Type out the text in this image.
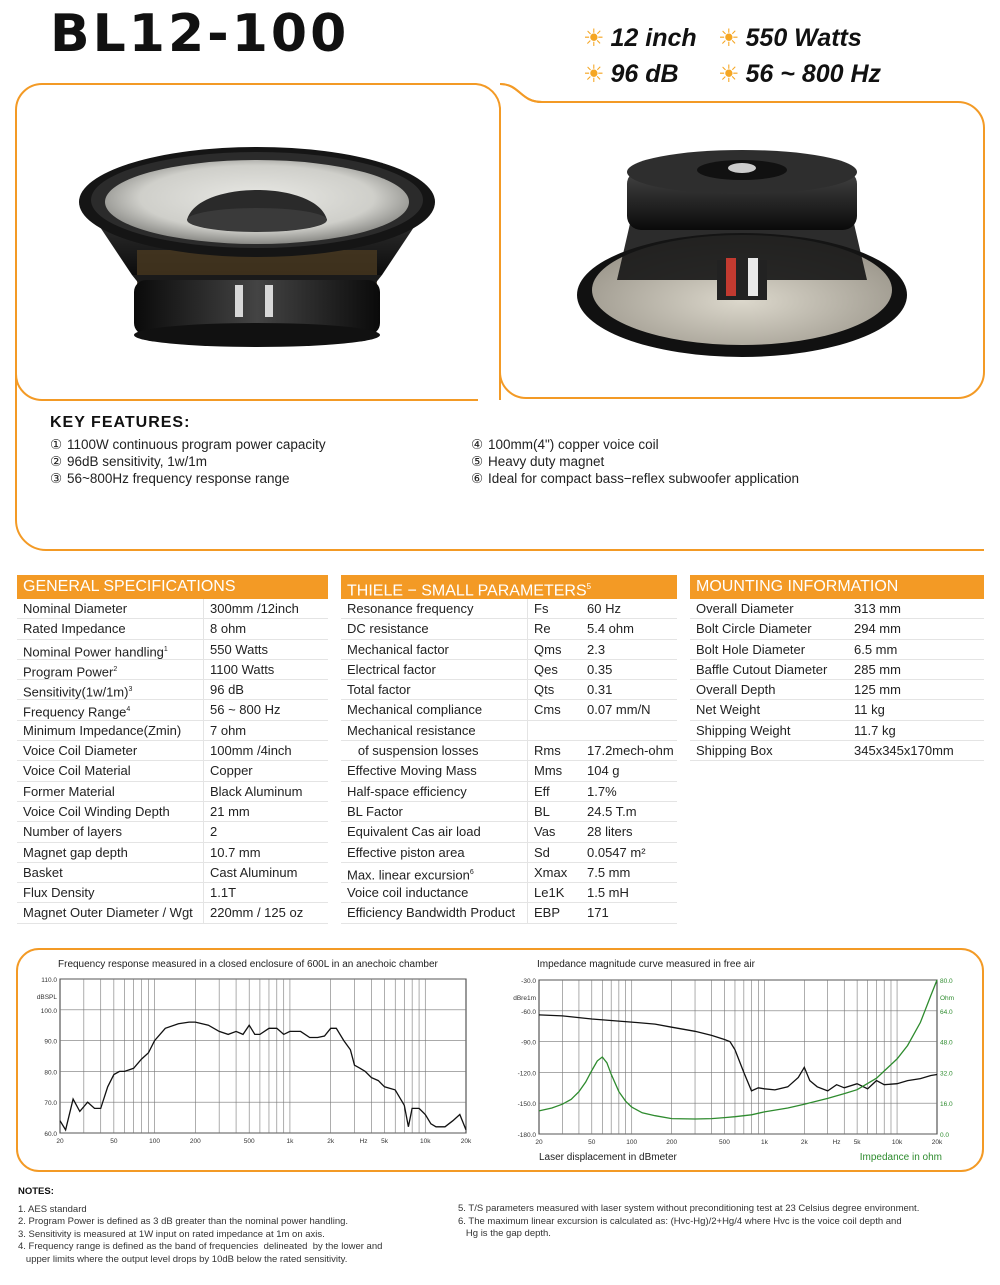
BL12-100	☀ 12 inch ☀ 550 Watts
☀ 96 dB ☀ 56 ~ 800 Hz
KEY FEATURES:
① 1100W continuous program power capacity
② 96dB sensitivity, 1w/1m
③ 56~800Hz frequency response range
④ 100mm(4") copper voice coil
⑤ Heavy duty magnet
⑥ Ideal for compact bass−reflex subwoofer application
GENERAL SPECIFICATIONS
Nominal Diameter	300mm /12inch
Rated Impedance	8 ohm
Nominal Power handling$^1$	550 Watts
Program Power$^2$	1100 Watts
$Sensitivity(1w/1m)^3$	96 dB
Frequency Range$^4$	56 ~ 800 Hz
Minimum Impedance(Zmin)	7 ohm
Voice Coil Diameter	100mm /4inch
Voice Coil Material	Copper
Former Material	Black Aluminum
Voice Coil Winding Depth	21 mm
Number of layers	2
Magnet gap depth	10.7 mm
Basket	Cast Aluminum
Flux Density	1.1T
Magnet Outer Diameter / Wgt	220mm / 125 oz
THIELE − SMALL PARAMETERS$^5$
Resonance frequency	Fs	60 Hz
DC resistance	Re	5.4 ohm
Mechanical factor	Qms	2.3
Electrical factor	Qes	0.35
Total factor	Qts	0.31
Mechanical compliance	Cms	0.07 mm/N
Mechanical resistance
of suspension losses	Rms	17.2mech-ohm
Effective Moving Mass	Mms	104 g
Half-space efficiency	Eff	1.7%
BL Factor	BL	24.5 T.m
Equivalent Cas air load	Vas	28 liters
Effective piston area	Sd	0.0547 m²
Max. linear excursion$^6$	Xmax	7.5 mm
Voice coil inductance	Le1K	1.5 mH
Efficiency Bandwidth Product	EBP	171
MOUNTING INFORMATION
Overall Diameter	313 mm
Bolt Circle Diameter	294 mm
Bolt Hole Diameter	6.5 mm
Baffle Cutout Diameter	285 mm
Overall Depth	125 mm
Net Weight	11 kg
Shipping Weight	11.7 kg
Shipping Box	345x345x170mm
Frequency response measured in a closed enclosure of 600L in an anechoic chamber
60.0
70.0
80.0
90.0
100.0
110.0
dBSPL
20	50	100	200	500	1k	2k	Hz 5k	10k	20k
Impedance magnitude curve measured in free air
-180.0
-150.0
-120.0
-90.0
-60.0
-30.0
0.0
16.0
32.0
48.0
64.0
80.0
Ohm
dBre1m
20	50	100	200	500	1k	2k	Hz 5k	10k	20k
Laser displacement in dBmeter	Impedance in ohm
NOTES:
1. AES standard
2. Program Power is defined as 3 dB greater than the nominal power handling.
3. Sensitivity is measured at 1W input on rated impedance at 1m on axis.
4. Frequency range is defined as the band of frequencies  delineated  by the lower and
upper limits where the output level drops by 10dB below the rated sensitivity.
5. T/S parameters measured with laser system without preconditioning test at 23 Celsius degree environment.
6. The maximum linear excursion is calculated as: (Hvc-Hg)/2+Hg/4 where Hvc is the voice coil depth and
Hg is the gap depth.
